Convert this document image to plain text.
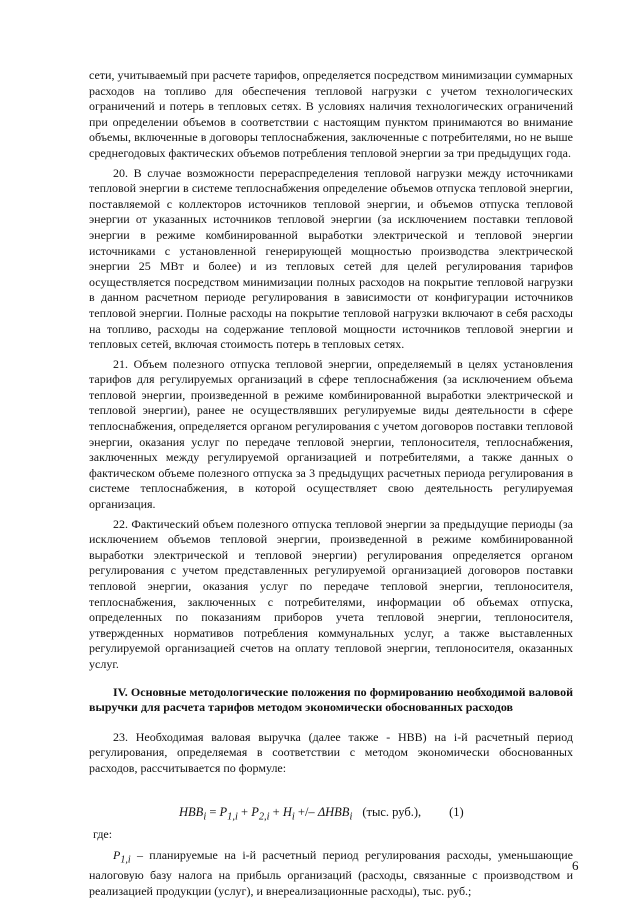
сети, учитываемый при расчете тарифов, определяется посредством минимизации суммарных расходов на топливо для обеспечения тепловой нагрузки с учетом технологических ограничений и потерь в тепловых сетях. В условиях наличия технологических ограничений при определении объемов в соответствии с настоящим пунктом принимаются во внимание объемы, включенные в договоры теплоснабжения, заключенные с потребителями, но не выше среднегодовых фактических объемов потребления тепловой энергии за три предыдущих года.

20. В случае возможности перераспределения тепловой нагрузки между источниками тепловой энергии в системе теплоснабжения определение объемов отпуска тепловой энергии, поставляемой с коллекторов источников тепловой энергии, и объемов отпуска тепловой энергии от указанных источников тепловой энергии (за исключением поставки тепловой энергии в режиме комбинированной выработки электрической и тепловой энергии источниками с установленной генерирующей мощностью производства электрической энергии 25 МВт и более) и из тепловых сетей для целей регулирования тарифов осуществляется посредством минимизации полных расходов на покрытие тепловой нагрузки в данном расчетном периоде регулирования в зависимости от конфигурации источников тепловой энергии. Полные расходы на покрытие тепловой нагрузки включают в себя расходы на топливо, расходы на содержание тепловой мощности источников тепловой энергии и тепловых сетей, включая стоимость потерь в тепловых сетях.

21. Объем полезного отпуска тепловой энергии, определяемый в целях установления тарифов для регулируемых организаций в сфере теплоснабжения (за исключением объема тепловой энергии, произведенной в режиме комбинированной выработки электрической и тепловой энергии), ранее не осуществлявших регулируемые виды деятельности в сфере теплоснабжения, определяется органом регулирования с учетом договоров поставки тепловой энергии, оказания услуг по передаче тепловой энергии, теплоносителя, теплоснабжения, заключенных между регулируемой организацией и потребителями, а также данных о фактическом объеме полезного отпуска за 3 предыдущих расчетных периода регулирования в системе теплоснабжения, в которой осуществляет свою деятельность регулируемая организация.

22. Фактический объем полезного отпуска тепловой энергии за предыдущие периоды (за исключением объемов тепловой энергии, произведенной в режиме комбинированной выработки электрической и тепловой энергии) регулирования определяется органом регулирования с учетом представленных регулируемой организацией договоров поставки тепловой энергии, оказания услуг по передаче тепловой энергии, теплоносителя, теплоснабжения, заключенных с потребителями, информации об объемах отпуска, определенных по показаниям приборов учета тепловой энергии, теплоносителя, утвержденных нормативов потребления коммунальных услуг, а также выставленных регулируемой организацией счетов на оплату тепловой энергии, теплоносителя, оказанных услуг.

IV. Основные методологические положения по формированию необходимой валовой выручки для расчета тарифов методом экономически обоснованных расходов

23. Необходимая валовая выручка (далее также - НВВ) на i-й расчетный период регулирования, определяемая в соответствии с методом экономически обоснованных расходов, рассчитывается по формуле:

$НВВ_i = P_{1,i} + P_{2,i} + H_i$ +/– $\Delta НВВ_i$ (тыс. руб.), (1)

где:

$P_{1,i}$ – планируемые на i-й расчетный период регулирования расходы, уменьшающие налоговую базу налога на прибыль организаций (расходы, связанные с производством и реализацией продукции (услуг), и внереализационные расходы), тыс. руб.;

6
